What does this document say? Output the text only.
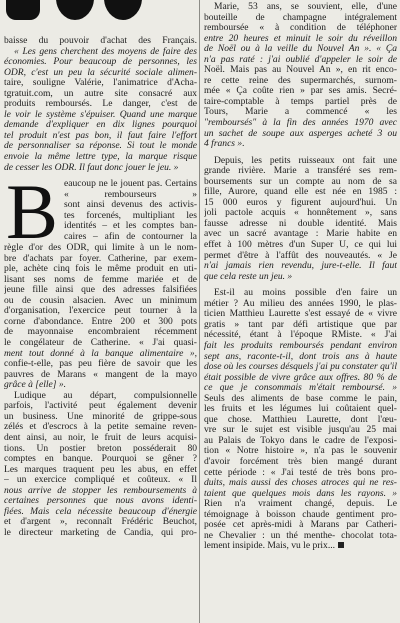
baisse du pouvoir d'achat des Français.
« Les gens cherchent des moyens de faire des
économies. Pour beaucoup de personnes, les
ODR, c'est un peu la sécurité sociale alimen-
taire, souligne Valérie, l'animatrice d'Acha-
tgratuit.com, un autre site consacré aux
produits remboursés. Le danger, c'est de
le voir le système s'épuiser. Quand une marque
demande d'expliquer en dix lignes pourquoi
tel produit n'est pas bon, il faut faire l'effort
de personnaliser sa réponse. Si tout le monde
envoie la même lettre type, la marque risque
de cesser les ODR. Il faut donc jouer le jeu. »

B eaucoup ne le jouent pas. Certains
« rembourseurs »
sont ainsi devenus des activis-
tes forcenés, multipliant les
identités – et les comptes ban-
caires – afin de contourner la
règle d'or des ODR, qui limite à un le nom-
bre d'achats par foyer. Catherine, par exem-
ple, achète cinq fois le même produit en uti-
lisant ses noms de femme mariée et de
jeune fille ainsi que des adresses falsifiées
ou de cousin alsacien. Avec un minimum
d'organisation, l'exercice peut tourner à la
corne d'abondance. Entre 200 et 300 pots
de mayonnaise encombraient récemment
le congélateur de Catherine. « J'ai quasi-
ment tout donné à la banque alimentaire »,
confie-t-elle, pas peu fière de savoir que les
pauvres de Marans « mangent de la mayo
grâce à [elle] ».

Ludique au départ, compulsionnelle
parfois, l'activité peut également devenir
un business. Une minorité de grippe-sous
zélés et d'escrocs à la petite semaine reven-
dent ainsi, au noir, le fruit de leurs acquisi-
tions. Un postier breton posséderait 80
comptes en banque. Pourquoi se gêner ?
Les marques traquent peu les abus, en effet
– un exercice compliqué et coûteux. « Il
nous arrive de stopper les remboursements à
certaines personnes que nous avons identi-
fiées. Mais cela nécessite beaucoup d'énergie
et d'argent », reconnaît Frédéric Beuchot,
le directeur marketing de Candia, qui pro-

Marie, 53 ans, se souvient, elle, d'une
bouteille de champagne intégralement
remboursée « à condition de téléphoner
entre 20 heures et minuit le soir du réveillon
de Noël ou à la veille du Nouvel An ». « Ça
n'a pas raté : j'ai oublié d'appeler le soir de
Noël. Mais pas au Nouvel An », en rit enco-
re cette reine des supermarchés, surnom-
mée « Ça coûte rien » par ses amis. Secré-
taire-comptable à temps partiel près de
Tours, Marie a commencé « les
"remboursés" à la fin des années 1970 avec
un sachet de soupe aux asperges acheté 3 ou
4 francs ».

Depuis, les petits ruisseaux ont fait une
grande rivière. Marie a transféré ses rem-
boursements sur un compte au nom de sa
fille, Aurore, quand elle est née en 1985 :
15 000 euros y figurent aujourd'hui. Un
joli pactole acquis « honnêtement », sans
fausse adresse ni double identité. Mais
avec un sacré avantage : Marie habite en
effet à 100 mètres d'un Super U, ce qui lui
permet d'être à l'affût des nouveautés. « Je
n'ai jamais rien revendu, jure-t-elle. Il faut
que cela reste un jeu. »

Est-il au moins possible d'en faire un
métier ? Au milieu des années 1990, le plas-
ticien Matthieu Laurette s'est essayé de « vivre
gratis » tant par défi artistique que par
nécessité, étant à l'époque RMiste. « J'ai
fait les produits remboursés pendant environ
sept ans, raconte-t-il, dont trois ans à haute
dose où les courses désquels j'ai pu constater qu'il
était possible de vivre grâce aux offres. 80 % de
ce que je consommais m'était remboursé. »
Seuls des aliments de base comme le pain,
les fruits et les légumes lui coûtaient quel-
que chose. Matthieu Laurette, dont l'œu-
vre sur le sujet est visible jusqu'au 25 mai
au Palais de Tokyo dans le cadre de l'exposi-
tion « Notre histoire », n'a pas le souvenir
d'avoir forcément très bien mangé durant
cette période : « J'ai testé de très bons pro-
duits, mais aussi des choses atroces qui ne res-
taient que quelques mois dans les rayons. »
Rien n'a vraiment changé, depuis. Le
témoignage à boisson chaude gentiment pro-
posée cet après-midi à Marans par Catheri-
ne Chevalier : un thé menthe- chocolat tota-
lement insipide. Mais, vu le prix...
